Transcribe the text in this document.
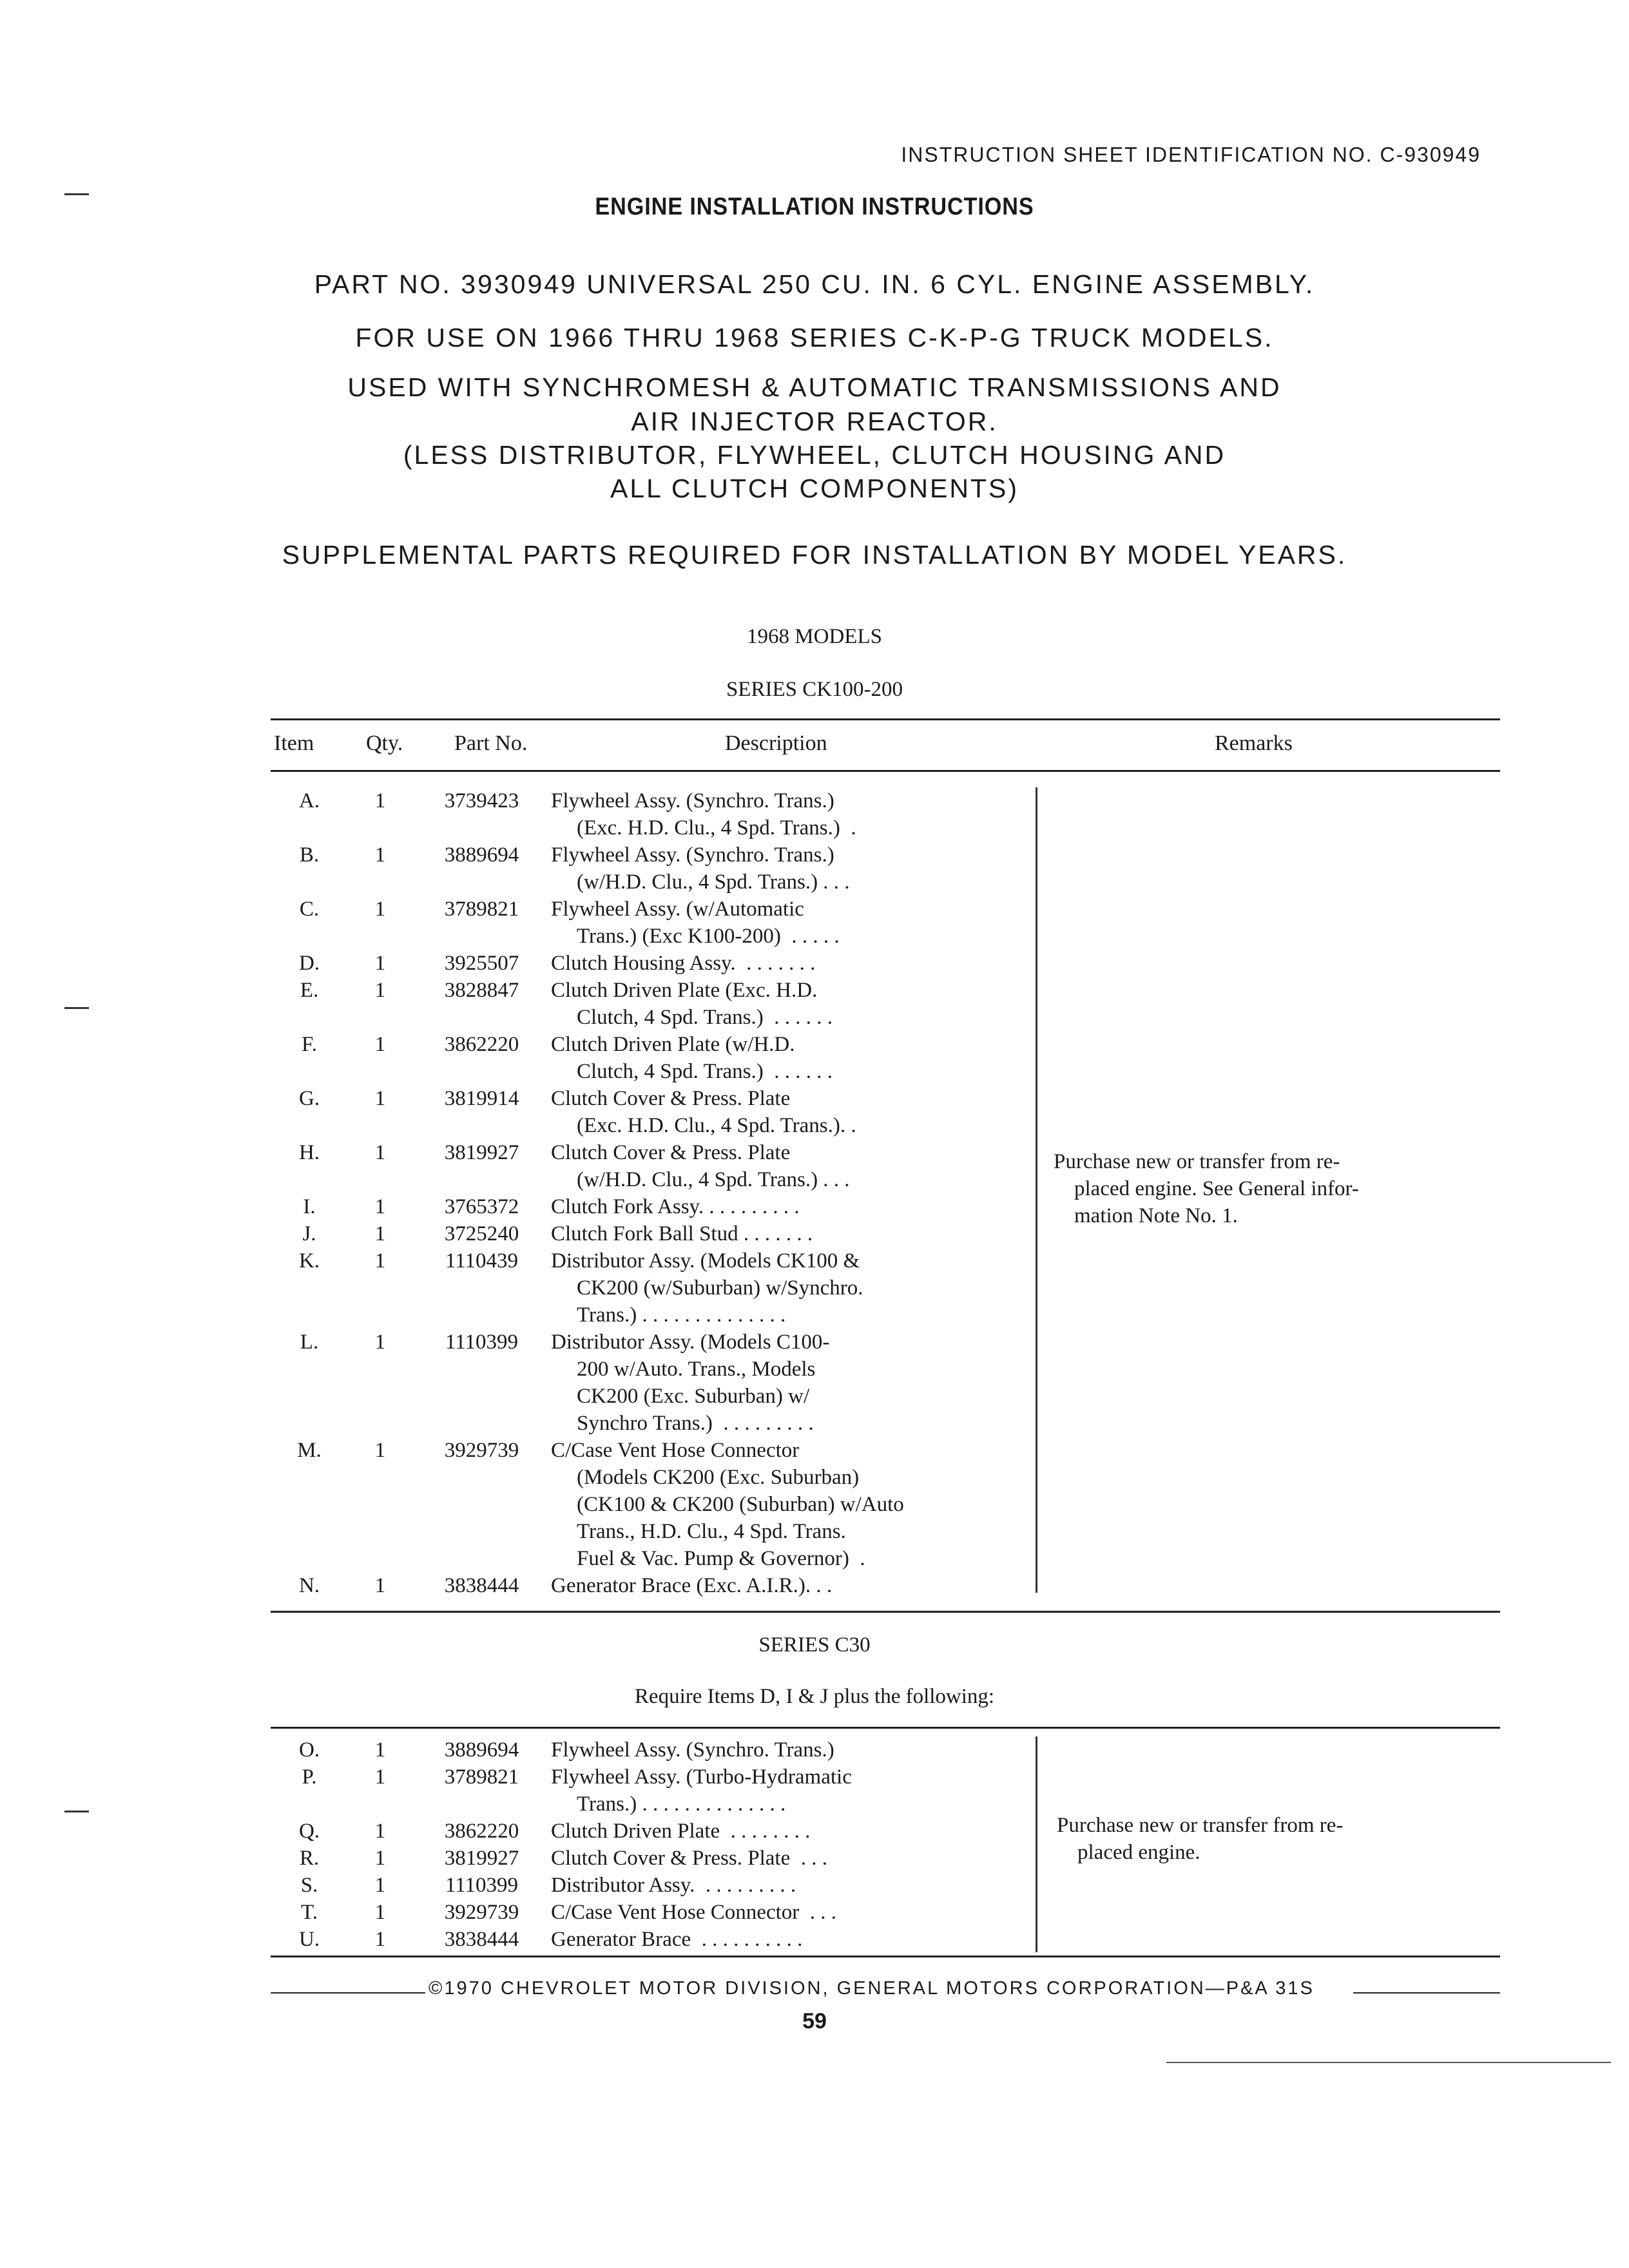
INSTRUCTION SHEET IDENTIFICATION NO. C-930949
ENGINE INSTALLATION INSTRUCTIONS
PART NO. 3930949 UNIVERSAL 250 CU. IN. 6 CYL. ENGINE ASSEMBLY.
FOR USE ON 1966 THRU 1968 SERIES C-K-P-G TRUCK MODELS.
USED WITH SYNCHROMESH & AUTOMATIC TRANSMISSIONS AND
AIR INJECTOR REACTOR.
(LESS DISTRIBUTOR, FLYWHEEL, CLUTCH HOUSING AND
ALL CLUTCH COMPONENTS)
SUPPLEMENTAL PARTS REQUIRED FOR INSTALLATION BY MODEL YEARS.
1968 MODELS
SERIES CK100-200
Item Qty. Part No.	Description	Remarks
A.	1	3739423	Flywheel Assy. (Synchro. Trans.)
(Exc. H.D. Clu., 4 Spd. Trans.)  .

B.	1	3889694	Flywheel Assy. (Synchro. Trans.)
(w/H.D. Clu., 4 Spd. Trans.) . . .

C.	1	3789821	Flywheel Assy. (w/Automatic
Trans.) (Exc K100-200)  . . . . .

D.	1	3925507	Clutch Housing Assy.  . . . . . . .

E.	1	3828847	Clutch Driven Plate (Exc. H.D.
Clutch, 4 Spd. Trans.)  . . . . . .

F.	1	3862220	Clutch Driven Plate (w/H.D.
Clutch, 4 Spd. Trans.)  . . . . . .

G.	1	3819914	Clutch Cover & Press. Plate
(Exc. H.D. Clu., 4 Spd. Trans.). .

H.	1	3819927	Clutch Cover & Press. Plate
(w/H.D. Clu., 4 Spd. Trans.) . . .

I.	1	3765372	Clutch Fork Assy. . . . . . . . . .

J.	1	3725240	Clutch Fork Ball Stud . . . . . . .

K.	1	1110439	Distributor Assy. (Models CK100 &
CK200 (w/Suburban) w/Synchro.
Trans.) . . . . . . . . . . . . . .

L.	1	1110399	Distributor Assy. (Models C100-
200 w/Auto. Trans., Models
CK200 (Exc. Suburban) w/
Synchro Trans.)  . . . . . . . . .

M.	1	3929739	C/Case Vent Hose Connector
(Models CK200 (Exc. Suburban)
(CK100 & CK200 (Suburban) w/Auto
Trans., H.D. Clu., 4 Spd. Trans.
Fuel & Vac. Pump & Governor)  .

N.	1	3838444	Generator Brace (Exc. A.I.R.). . .
Purchase new or transfer from re-
placed engine. See General infor-
mation Note No. 1.
SERIES C30
Require Items D, I & J plus the following:
O.	1	3889694	Flywheel Assy. (Synchro. Trans.)

P.	1	3789821	Flywheel Assy. (Turbo-Hydramatic
Trans.) . . . . . . . . . . . . . .

Q.	1	3862220	Clutch Driven Plate  . . . . . . . .

R.	1	3819927	Clutch Cover & Press. Plate  . . .

S.	1	1110399	Distributor Assy.  . . . . . . . . .

T.	1	3929739	C/Case Vent Hose Connector  . . .

U.	1	3838444	Generator Brace  . . . . . . . . . .
Purchase new or transfer from re-
placed engine.
©1970 CHEVROLET MOTOR DIVISION, GENERAL MOTORS CORPORATION—P&A 31S
59
